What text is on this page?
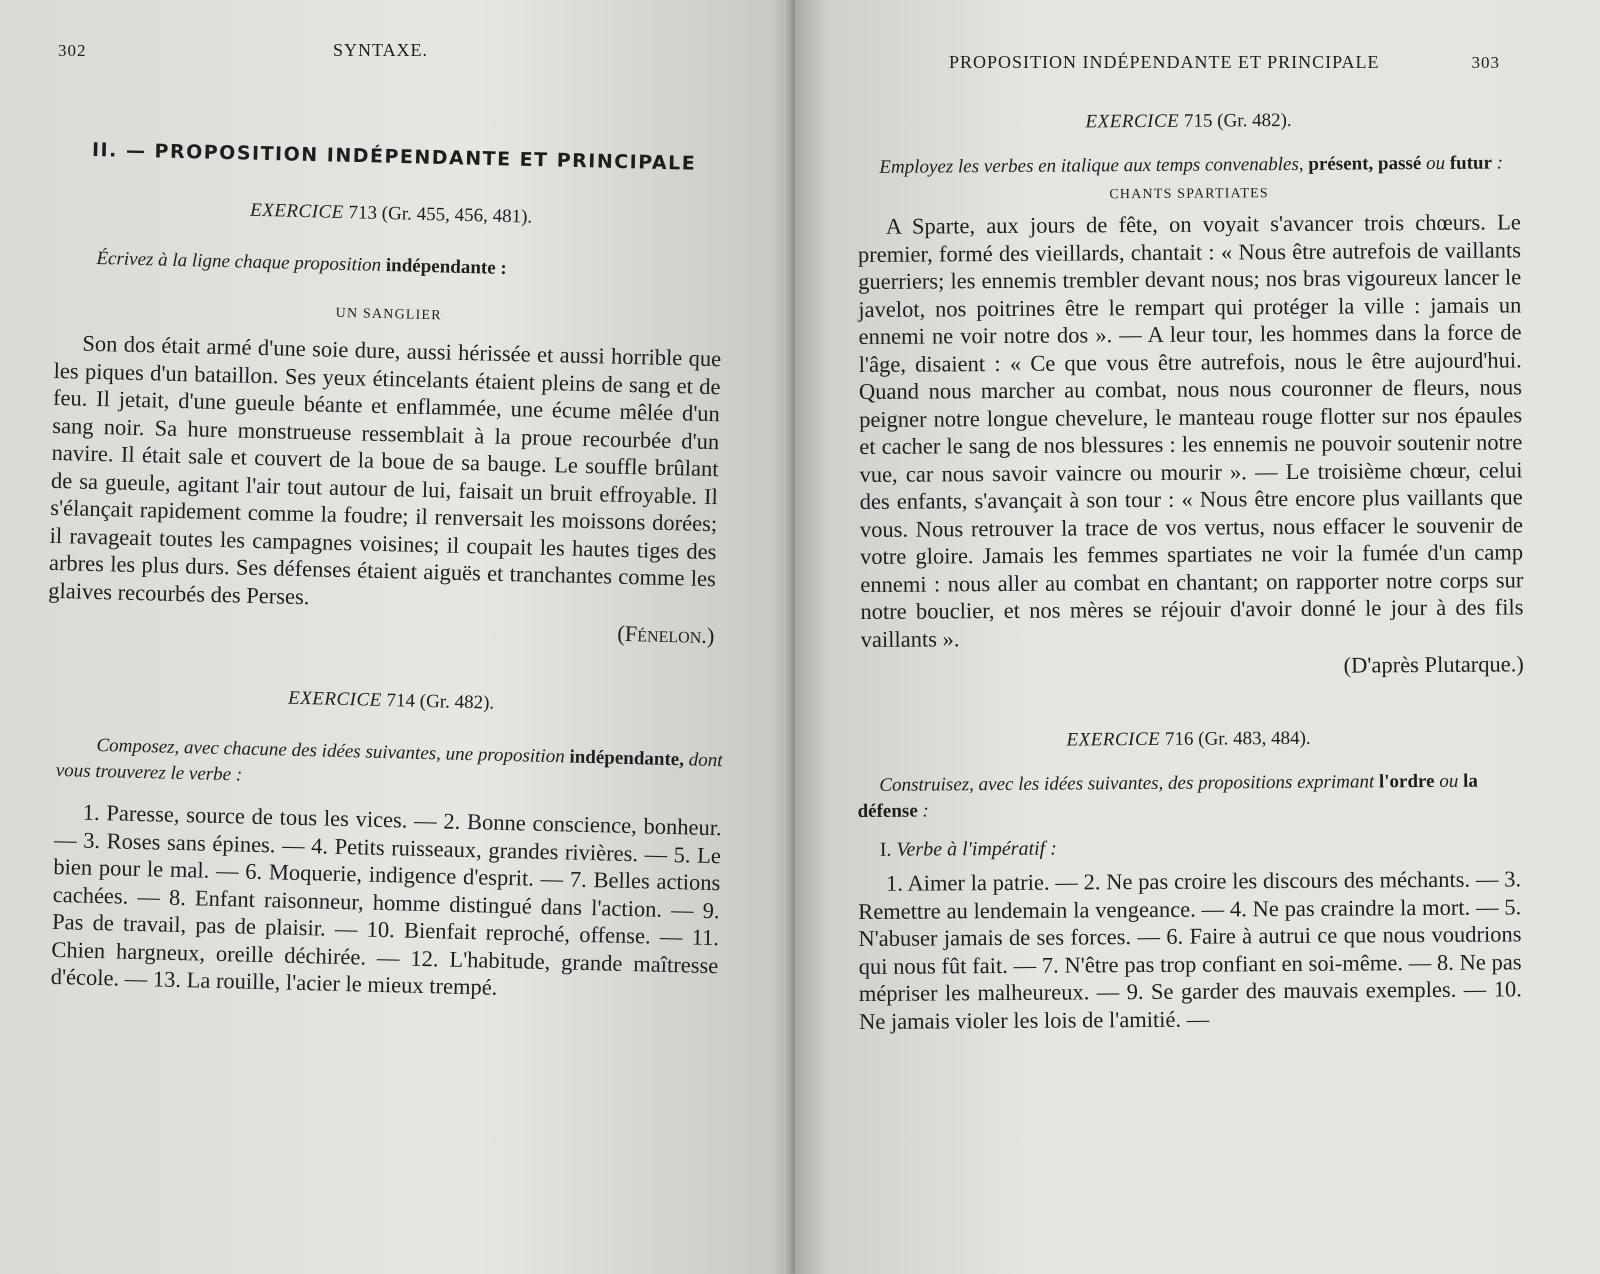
302	SYNTAXE.
II. — PROPOSITION INDÉPENDANTE ET PRINCIPALE
EXERCICE 713 (Gr. 455, 456, 481).
Écrivez à la ligne chaque proposition indépendante :
UN SANGLIER

Son dos était armé d'une soie dure, aussi hérissée et aussi horrible que les piques d'un bataillon. Ses yeux étincelants étaient pleins de sang et de feu. Il jetait, d'une gueule béante et enflammée, une écume mêlée d'un sang noir. Sa hure monstrueuse ressemblait à la proue recourbée d'un navire. Il était sale et couvert de la boue de sa bauge. Le souffle brûlant de sa gueule, agitant l'air tout autour de lui, faisait un bruit effroyable. Il s'élançait rapidement comme la foudre; il renversait les moissons dorées; il ravageait toutes les campagnes voisines; il coupait les hautes tiges des arbres les plus durs. Ses défenses étaient aiguës et tranchantes comme les glaives recourbés des Perses.

(Fénelon.)
EXERCICE 714 (Gr. 482).
Composez, avec chacune des idées suivantes, une proposition indépendante, dont vous trouverez le verbe :

1. Paresse, source de tous les vices. — 2. Bonne conscience, bonheur. — 3. Roses sans épines. — 4. Petits ruisseaux, grandes rivières. — 5. Le bien pour le mal. — 6. Moquerie, indigence d'esprit. — 7. Belles actions cachées. — 8. Enfant raisonneur, homme distingué dans l'action. — 9. Pas de travail, pas de plaisir. — 10. Bienfait reproché, offense. — 11. Chien hargneux, oreille déchirée. — 12. L'habitude, grande maîtresse d'école. — 13. La rouille, l'acier le mieux trempé.

PROPOSITION INDÉPENDANTE ET PRINCIPALE	303
EXERCICE 715 (Gr. 482).
Employez les verbes en italique aux temps convenables, présent, passé ou futur :
CHANTS SPARTIATES

A Sparte, aux jours de fête, on voyait s'avancer trois chœurs. Le premier, formé des vieillards, chantait : « Nous être autrefois de vaillants guerriers; les ennemis trembler devant nous; nos bras vigoureux lancer le javelot, nos poitrines être le rempart qui protéger la ville : jamais un ennemi ne voir notre dos ». — A leur tour, les hommes dans la force de l'âge, disaient : « Ce que vous être autrefois, nous le être aujourd'hui. Quand nous marcher au combat, nous nous couronner de fleurs, nous peigner notre longue chevelure, le manteau rouge flotter sur nos épaules et cacher le sang de nos blessures : les ennemis ne pouvoir soutenir notre vue, car nous savoir vaincre ou mourir ». — Le troisième chœur, celui des enfants, s'avançait à son tour : « Nous être encore plus vaillants que vous. Nous retrouver la trace de vos vertus, nous effacer le souvenir de votre gloire. Jamais les femmes spartiates ne voir la fumée d'un camp ennemi : nous aller au combat en chantant; on rapporter notre corps sur notre bouclier, et nos mères se réjouir d'avoir donné le jour à des fils vaillants ».

(D'après Plutarque.)
EXERCICE 716 (Gr. 483, 484).
Construisez, avec les idées suivantes, des propositions exprimant l'ordre ou la défense :
I. Verbe à l'impératif :

1. Aimer la patrie. — 2. Ne pas croire les discours des méchants. — 3. Remettre au lendemain la vengeance. — 4. Ne pas craindre la mort. — 5. N'abuser jamais de ses forces. — 6. Faire à autrui ce que nous voudrions qui nous fût fait. — 7. N'être pas trop confiant en soi-même. — 8. Ne pas mépriser les malheureux. — 9. Se garder des mauvais exemples. — 10. Ne jamais violer les lois de l'amitié. —
